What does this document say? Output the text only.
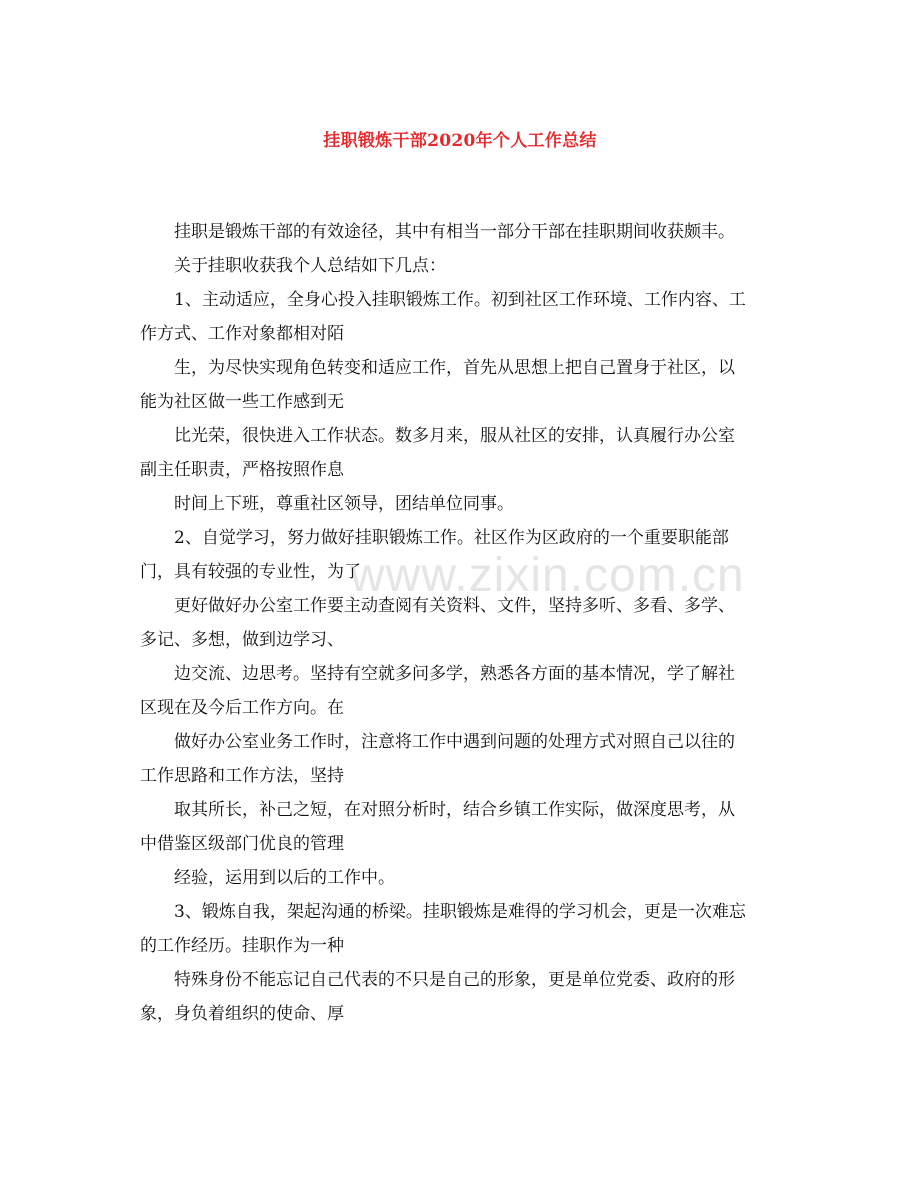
www.zixin.com.cn
挂职锻炼干部2020年个人工作总结
挂职是锻炼干部的有效途径，其中有相当一部分干部在挂职期间收获颇丰。
关于挂职收获我个人总结如下几点：
1、主动适应，全身心投入挂职锻炼工作。初到社区工作环境、工作内容、工
作方式、工作对象都相对陌
生，为尽快实现角色转变和适应工作，首先从思想上把自己置身于社区，以
能为社区做一些工作感到无
比光荣，很快进入工作状态。数多月来，服从社区的安排，认真履行办公室
副主任职责，严格按照作息
时间上下班，尊重社区领导，团结单位同事。
2、自觉学习，努力做好挂职锻炼工作。社区作为区政府的一个重要职能部
门，具有较强的专业性，为了
更好做好办公室工作要主动查阅有关资料、文件，坚持多听、多看、多学、
多记、多想，做到边学习、
边交流、边思考。坚持有空就多问多学，熟悉各方面的基本情况，学了解社
区现在及今后工作方向。在
做好办公室业务工作时，注意将工作中遇到问题的处理方式对照自己以往的
工作思路和工作方法，坚持
取其所长，补己之短，在对照分析时，结合乡镇工作实际，做深度思考，从
中借鉴区级部门优良的管理
经验，运用到以后的工作中。
3、锻炼自我，架起沟通的桥梁。挂职锻炼是难得的学习机会，更是一次难忘
的工作经历。挂职作为一种
特殊身份不能忘记自己代表的不只是自己的形象，更是单位党委、政府的形
象，身负着组织的使命、厚
